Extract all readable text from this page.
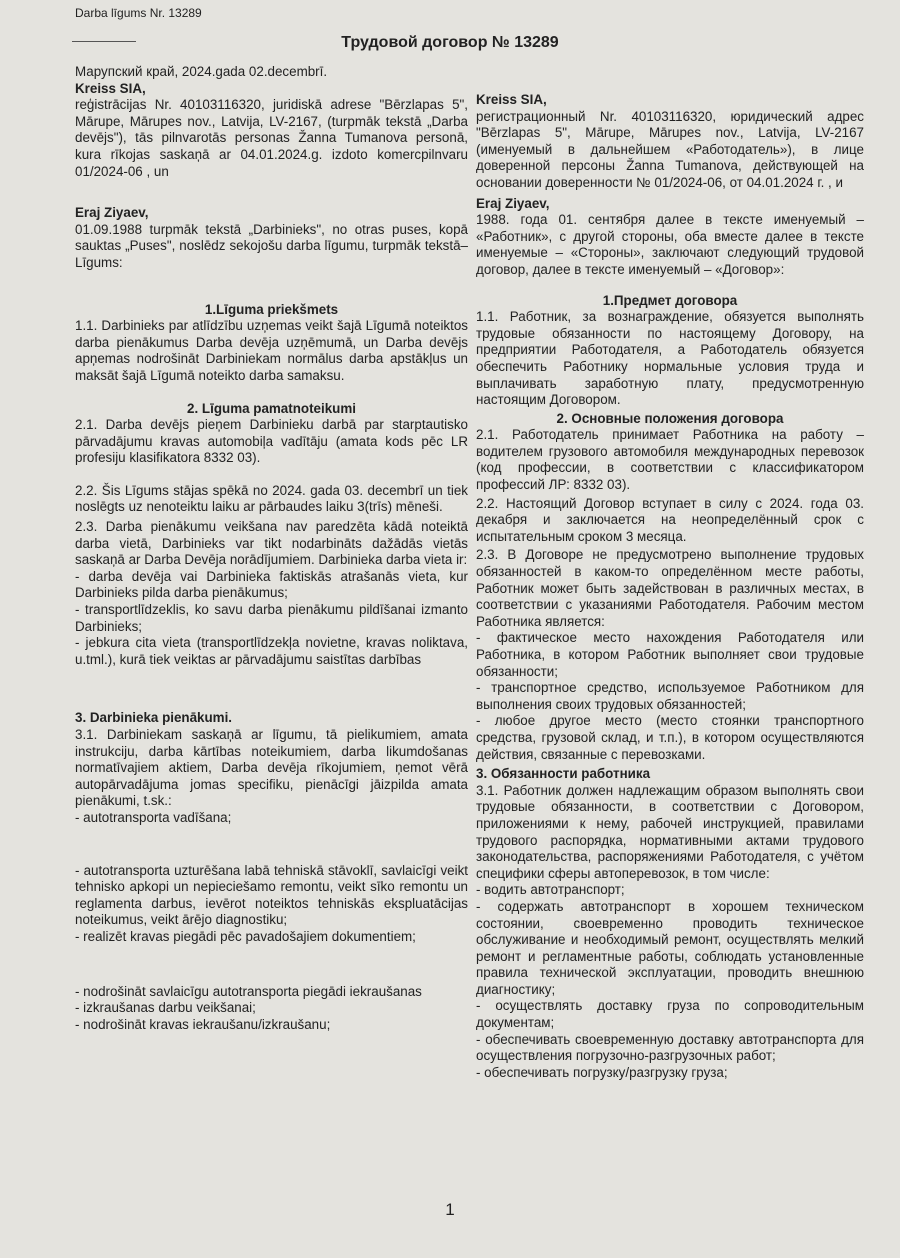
Darba līgums Nr. 13289
Трудовой договор № 13289

Марупский край, 2024.gada 02.decembrī.

Kreiss SIA,

reģistrācijas Nr. 40103116320, juridiskā adrese "Bērzlapas 5", Mārupe, Mārupes nov., Latvija, LV-2167, (turpmāk tekstā „Darba devējs"), tās pilnvarotās personas Žanna Tumanova personā, kura rīkojas saskaņā ar 04.01.2024.g. izdoto komercpilnvaru 01/2024-06 , un

Eraj Ziyaev,

01.09.1988 turpmāk tekstā „Darbinieks", no otras puses, kopā sauktas „Puses", noslēdz sekojošu darba līgumu, turpmāk tekstā– Līgums:

1.Līguma priekšmets

1.1. Darbinieks par atlīdzību uzņemas veikt šajā Līgumā noteiktos darba pienākumus Darba devēja uzņēmumā, un Darba devējs apņemas nodrošināt Darbiniekam normālus darba apstākļus un maksāt šajā Līgumā noteikto darba samaksu.

2. Līguma pamatnoteikumi

2.1. Darba devējs pieņem Darbinieku darbā par starptautisko pārvadājumu kravas automobiļa vadītāju (amata kods pēc LR profesiju klasifikatora 8332 03).

2.2. Šis Līgums stājas spēkā no 2024. gada 03. decembrī un tiek noslēgts uz nenoteiktu laiku ar pārbaudes laiku 3(trīs) mēneši.

2.3. Darba pienākumu veikšana nav paredzēta kādā noteiktā darba vietā, Darbinieks var tikt nodarbināts dažādās vietās saskaņā ar Darba Devēja norādījumiem. Darbinieka darba vieta ir:

- darba devēja vai Darbinieka faktiskās atrašanās vieta, kur Darbinieks pilda darba pienākumus;

- transportlīdzeklis, ko savu darba pienākumu pildīšanai izmanto Darbinieks;

- jebkura cita vieta (transportlīdzekļa novietne, kravas noliktava, u.tml.), kurā tiek veiktas ar pārvadājumu saistītas darbības

3. Darbinieka pienākumi.

3.1. Darbiniekam saskaņā ar līgumu, tā pielikumiem, amata instrukciju, darba kārtības noteikumiem, darba likumdošanas normatīvajiem aktiem, Darba devēja rīkojumiem, ņemot vērā autopārvadājuma jomas specifiku, pienācīgi jāizpilda amata pienākumi, t.sk.:

- autotransporta vadīšana;

- autotransporta uzturēšana labā tehniskā stāvoklī, savlaicīgi veikt tehnisko apkopi un nepieciešamo remontu, veikt sīko remontu un reglamenta darbus, ievērot noteiktos tehniskās ekspluatācijas noteikumus, veikt ārējo diagnostiku;

- realizēt kravas piegādi pēc pavadošajiem dokumentiem;

- nodrošināt savlaicīgu autotransporta piegādi iekraušanas

- izkraušanas darbu veikšanai;

- nodrošināt kravas iekraušanu/izkraušanu;

Kreiss SIA,

регистрационный Nr. 40103116320, юридический адрес "Bērzlapas 5", Mārupe, Mārupes nov., Latvija, LV-2167 (именуемый в дальнейшем «Работодатель»), в лице доверенной персоны Žanna Tumanova, действующей на основании доверенности № 01/2024-06, от 04.01.2024 г. , и

Eraj Ziyaev,

1988. года 01. сентября далее в тексте именуемый – «Работник», с другой стороны, оба вместе далее в тексте именуемые – «Стороны», заключают следующий трудовой договор, далее в тексте именуемый – «Договор»:

1.Предмет договора

1.1. Работник, за вознаграждение, обязуется выполнять трудовые обязанности по настоящему Договору, на предприятии Работодателя, а Работодатель обязуется обеспечить Работнику нормальные условия труда и выплачивать заработную плату, предусмотренную настоящим Договором.

2. Основные положения договора

2.1. Работодатель принимает Работника на работу – водителем грузового автомобиля международных перевозок (код профессии, в соответствии с классификатором профессий ЛР: 8332 03).

2.2. Настоящий Договор вступает в силу с 2024. года 03. декабря и заключается на неопределённый срок с испытательным сроком 3 месяца.

2.3. В Договоре не предусмотрено выполнение трудовых обязанностей в каком-то определённом месте работы, Работник может быть задействован в различных местах, в соответствии с указаниями Работодателя. Рабочим местом Работника является:

- фактическое место нахождения Работодателя или Работника, в котором Работник выполняет свои трудовые обязанности;

- транспортное средство, используемое Работником для выполнения своих трудовых обязанностей;

- любое другое место (место стоянки транспортного средства, грузовой склад, и т.п.), в котором осуществляются действия, связанные с перевозками.

3. Обязанности работника

3.1. Работник должен надлежащим образом выполнять свои трудовые обязанности, в соответствии с Договором, приложениями к нему, рабочей инструкцией, правилами трудового распорядка, нормативными актами трудового законодательства, распоряжениями Работодателя, с учётом специфики сферы автоперевозок, в том числе:

- водить автотранспорт;

- содержать автотранспорт в хорошем техническом состоянии, своевременно проводить техническое обслуживание и необходимый ремонт, осуществлять мелкий ремонт и регламентные работы, соблюдать установленные правила технической эксплуатации, проводить внешнюю диагностику;

- осуществлять доставку груза по сопроводительным документам;

- обеспечивать своевременную доставку автотранспорта для осуществления погрузочно-разгрузочных работ;

- обеспечивать погрузку/разгрузку груза;

1
